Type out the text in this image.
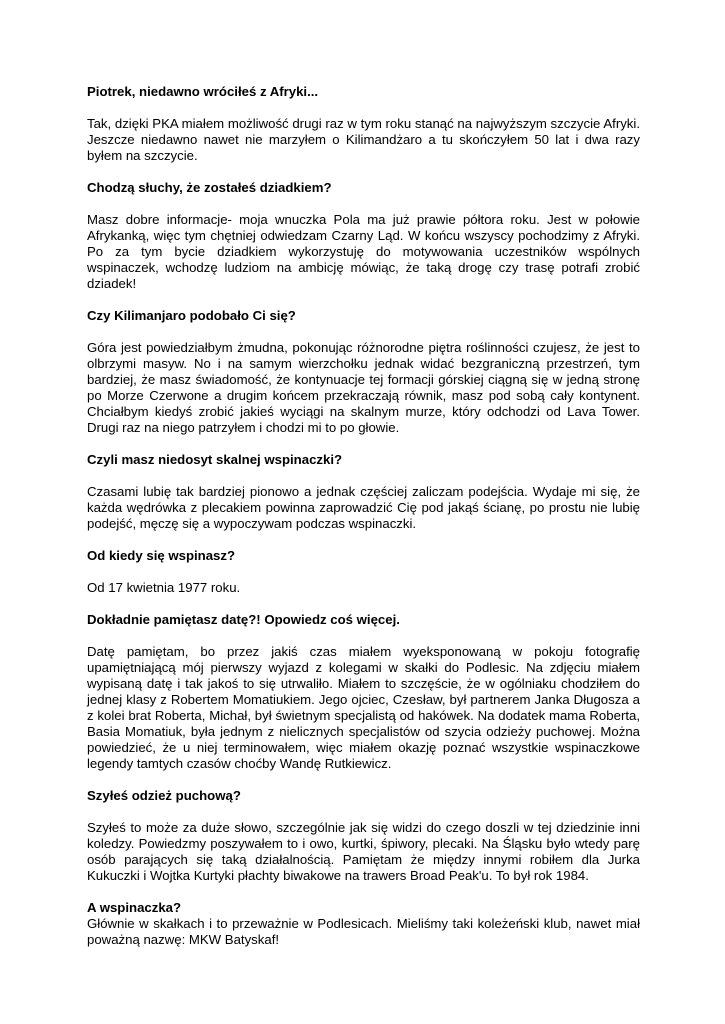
Piotrek, niedawno wróciłeś z Afryki...

Tak, dzięki PKA miałem możliwość drugi raz w tym roku stanąć na najwyższym szczycie Afryki. Jeszcze niedawno nawet nie marzyłem o Kilimandżaro a tu skończyłem 50 lat i dwa razy byłem na szczycie.

Chodzą słuchy, że zostałeś dziadkiem?

Masz dobre informacje- moja wnuczka Pola ma już prawie półtora roku. Jest w połowie Afrykanką, więc tym chętniej odwiedzam Czarny Ląd. W końcu wszyscy pochodzimy z Afryki. Po za tym bycie dziadkiem wykorzystuję do motywowania uczestników wspólnych wspinaczek, wchodzę ludziom na ambicję mówiąc, że taką drogę czy trasę potrafi zrobić dziadek!

Czy Kilimanjaro podobało Ci się?

Góra jest powiedziałbym żmudna, pokonując różnorodne piętra roślinności czujesz, że jest to olbrzymi masyw. No i na samym wierzchołku jednak widać bezgraniczną przestrzeń, tym bardziej, że masz świadomość, że kontynuacje tej formacji górskiej ciągną się w jedną stronę po Morze Czerwone a drugim końcem przekraczają równik, masz pod sobą cały kontynent. Chciałbym kiedyś zrobić jakieś wyciągi na skalnym murze, który odchodzi od Lava Tower. Drugi raz na niego patrzyłem i chodzi mi to po głowie.

Czyli masz niedosyt skalnej wspinaczki?

Czasami lubię tak bardziej pionowo a jednak częściej zaliczam podejścia. Wydaje mi się, że każda wędrówka z plecakiem powinna zaprowadzić Cię pod jakąś ścianę, po prostu nie lubię podejść, męczę się a wypoczywam podczas wspinaczki.

Od kiedy się wspinasz?

Od 17 kwietnia 1977 roku.

Dokładnie pamiętasz datę?! Opowiedz coś więcej.

Datę pamiętam, bo przez jakiś czas miałem wyeksponowaną w pokoju fotografię upamiętniającą mój pierwszy wyjazd z kolegami w skałki do Podlesic. Na zdjęciu miałem wypisaną datę i tak jakoś to się utrwaliło. Miałem to szczęście, że w ogólniaku chodziłem do jednej klasy z Robertem Momatiukiem. Jego ojciec, Czesław, był partnerem Janka Długosza a z kolei brat Roberta, Michał, był świetnym specjalistą od hakówek. Na dodatek mama Roberta, Basia Momatiuk, była jednym z nielicznych specjalistów od szycia odzieży puchowej. Można powiedzieć, że u niej terminowałem, więc miałem okazję poznać wszystkie wspinaczkowe legendy tamtych czasów choćby Wandę Rutkiewicz.

Szyłeś odzież puchową?

Szyłeś to może za duże słowo, szczególnie jak się widzi do czego doszli w tej dziedzinie inni koledzy. Powiedzmy poszywałem to i owo, kurtki, śpiwory, plecaki. Na Śląsku było wtedy parę osób parających się taką działalnością. Pamiętam że między innymi robiłem dla Jurka Kukuczki i Wojtka Kurtyki płachty biwakowe na trawers Broad Peak'u. To był rok 1984.

A wspinaczka?

Głównie w skałkach i to przeważnie w Podlesicach. Mieliśmy taki koleżeński klub, nawet miał poważną nazwę: MKW Batyskaf!
